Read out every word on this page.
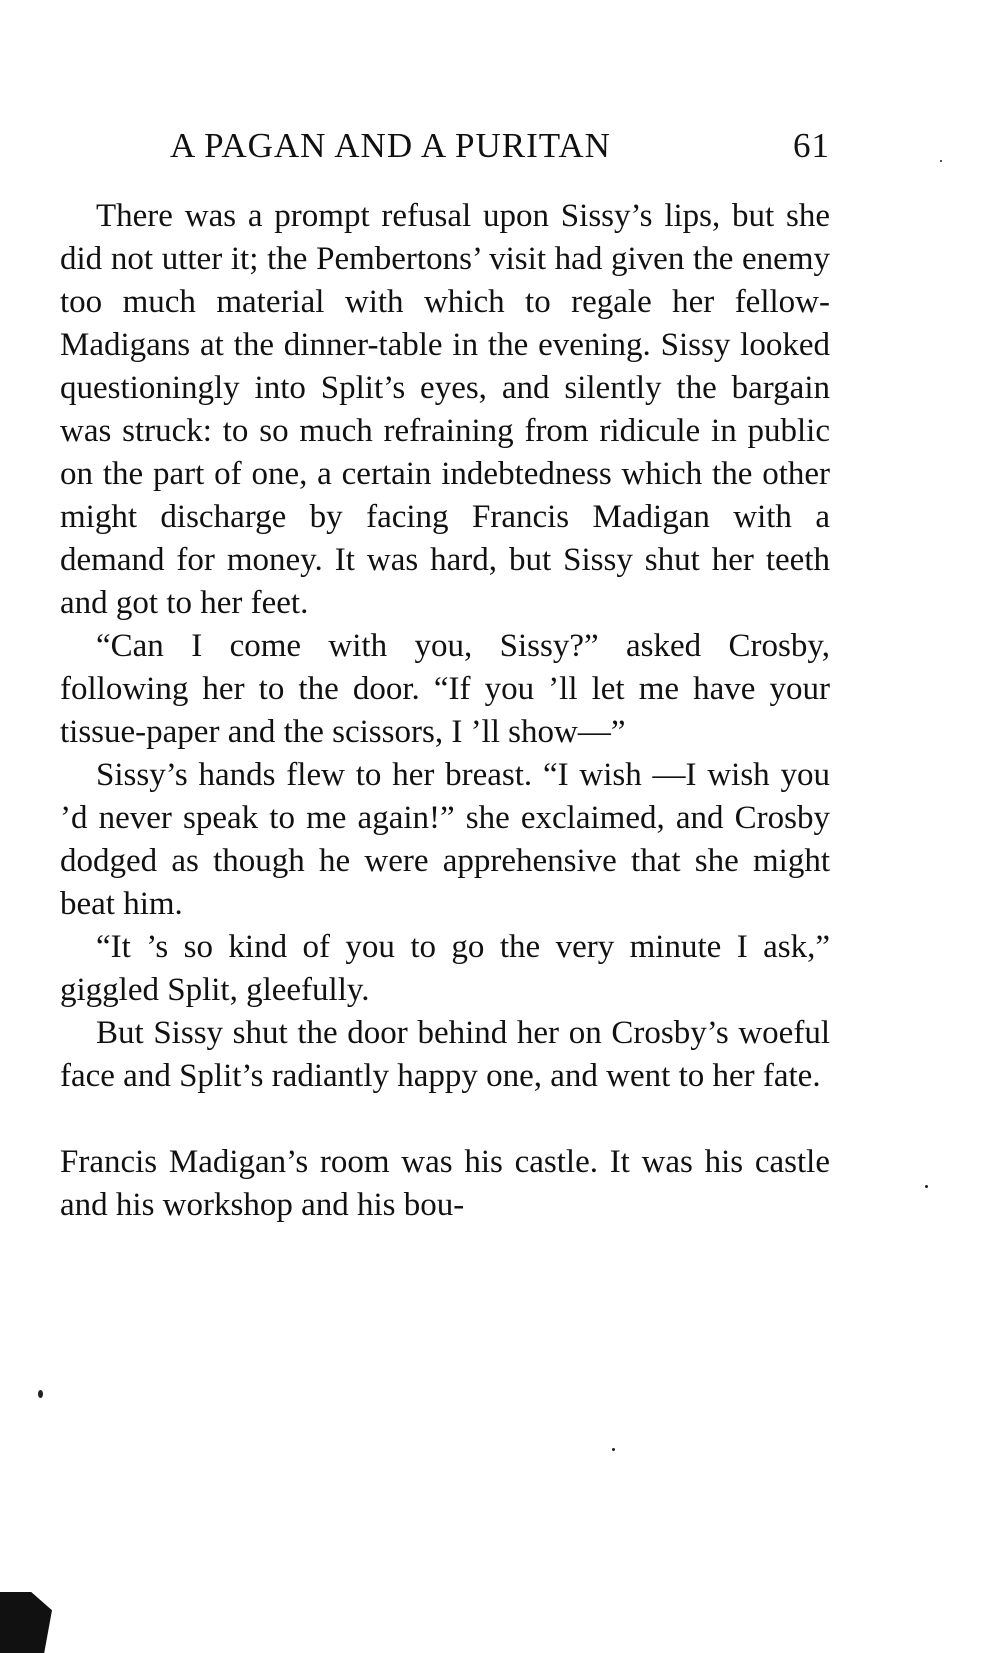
A PAGAN AND A PURITAN	61

There was a prompt refusal upon Sissy’s lips, but she did not utter it; the Pembertons’ visit had given the enemy too much material with which to regale her fellow-Madigans at the dinner-table in the evening. Sissy looked questioningly into Split’s eyes, and silently the bargain was struck: to so much refraining from ridicule in public on the part of one, a certain indebtedness which the other might discharge by facing Francis Madigan with a demand for money. It was hard, but Sissy shut her teeth and got to her feet.

“Can I come with you, Sissy?” asked Crosby, following her to the door. “If you ’ll let me have your tissue-paper and the scissors, I ’ll show—”

Sissy’s hands flew to her breast. “I wish —I wish you ’d never speak to me again!” she exclaimed, and Crosby dodged as though he were apprehensive that she might beat him.

“It ’s so kind of you to go the very minute I ask,” giggled Split, gleefully.

But Sissy shut the door behind her on Crosby’s woeful face and Split’s radiantly happy one, and went to her fate.

Francis Madigan’s room was his castle. It was his castle and his workshop and his bou-
